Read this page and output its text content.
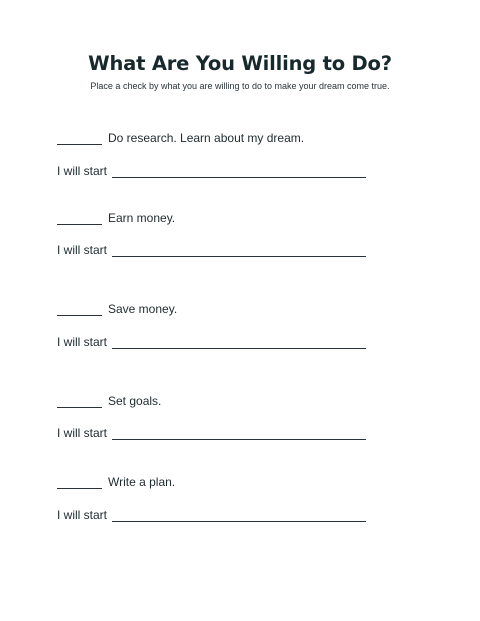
What Are You Willing to Do?
Place a check by what you are willing to do to make your dream come true.
Do research. Learn about my dream.
I will start
Earn money.
I will start
Save money.
I will start
Set goals.
I will start
Write a plan.
I will start
